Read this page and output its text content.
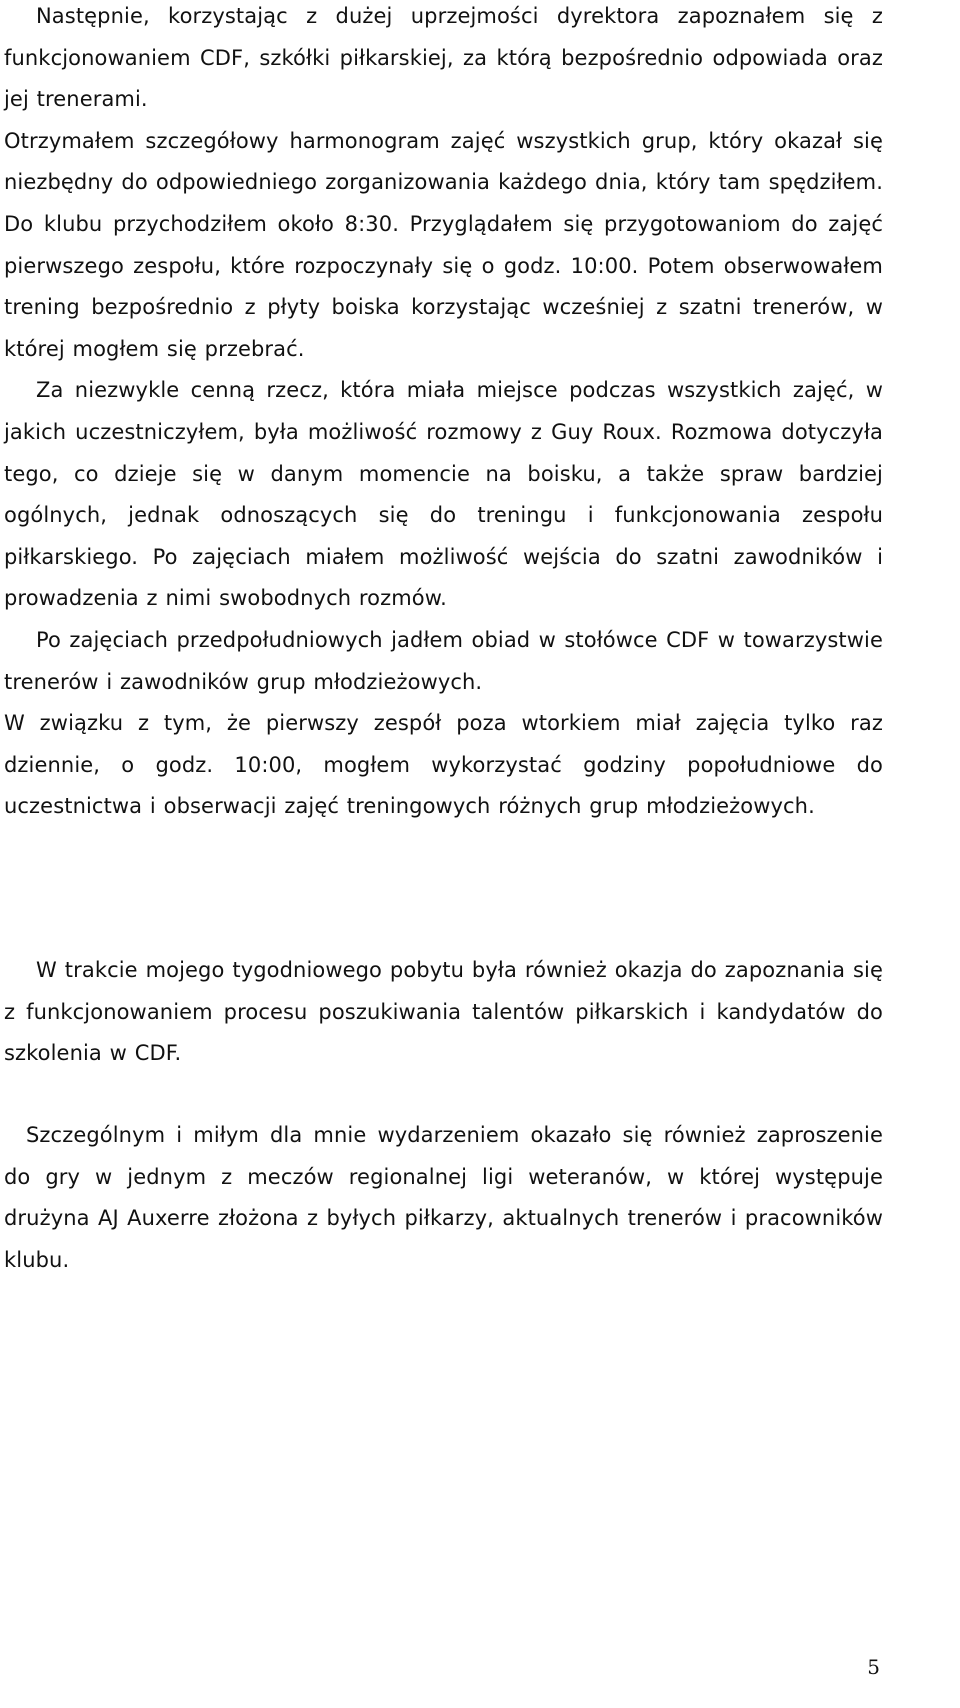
Następnie, korzystając z dużej uprzejmości dyrektora zapoznałem się z funkcjonowaniem CDF, szkółki piłkarskiej, za którą bezpośrednio odpowiada oraz jej trenerami.

Otrzymałem szczegółowy harmonogram zajęć wszystkich grup, który okazał się niezbędny do odpowiedniego zorganizowania każdego dnia, który tam spędziłem. Do klubu przychodziłem około 8:30. Przyglądałem się przygotowaniom do zajęć pierwszego zespołu, które rozpoczynały się o godz. 10:00. Potem obserwowałem trening bezpośrednio z płyty boiska korzystając wcześniej z szatni trenerów, w której mogłem się przebrać.

Za niezwykle cenną rzecz, która miała miejsce podczas wszystkich zajęć, w jakich uczestniczyłem, była możliwość rozmowy z Guy Roux. Rozmowa dotyczyła tego, co dzieje się w danym momencie na boisku, a także spraw bardziej ogólnych, jednak odnoszących się do treningu i funkcjonowania zespołu piłkarskiego. Po zajęciach miałem możliwość wejścia do szatni zawodników i prowadzenia z nimi swobodnych rozmów.

Po zajęciach przedpołudniowych jadłem obiad w stołówce CDF w towarzystwie trenerów i zawodników grup młodzieżowych.

W związku z tym, że pierwszy zespół poza wtorkiem miał zajęcia tylko raz dziennie, o godz. 10:00, mogłem wykorzystać godziny popołudniowe do uczestnictwa i obserwacji zajęć treningowych różnych grup młodzieżowych.

W trakcie mojego tygodniowego pobytu była również okazja do zapoznania się z funkcjonowaniem procesu poszukiwania talentów piłkarskich i kandydatów do szkolenia w CDF.

Szczególnym i miłym dla mnie wydarzeniem okazało się również zaproszenie do gry w jednym z meczów regionalnej ligi weteranów, w której występuje drużyna AJ Auxerre złożona z byłych piłkarzy, aktualnych trenerów i pracowników klubu.

5
